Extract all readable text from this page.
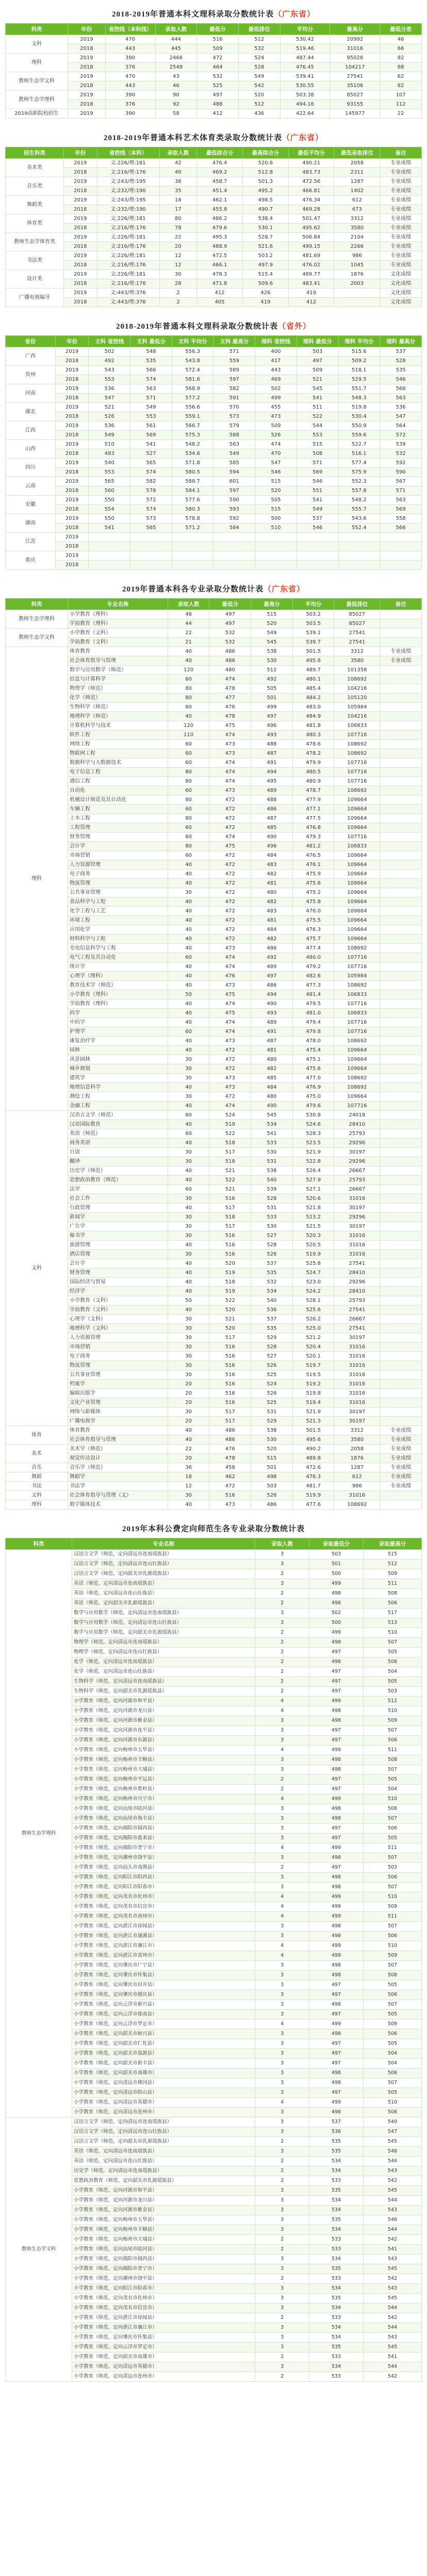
2018-2019年普通本科文理科录取分数统计表（广东省）
科类	年份	省控线（本科线）	录取人数	最低分	最低排位	平均分	最高分	最低分差
文科	2019	470	444	516	512	530.42	20992	46
	2018	443	445	509	532	519.46	31016	66
理科	2019	390	2466	472	524	487.44	95028	82
	2018	376	2548	464	528	476.45	104217	88
教师生态学文科	2019	470	43	532	549	539.41	27541	62
	2018	443	46	525	542	530.55	35106	82
教师生态学理科	2019	390	90	497	520	503.38	85027	107
	2018	376	92	488	512	494.16	93155	112
2019高职院校招生	2019	390	58	412	436	422.64	145977	22
2018-2019年普通本科艺术体育类录取分数统计表（广东省）
招生科类	年份	省控线（本科）	录取人数	最低综合分	最高综合分	最低平均分	最低录取排位	备注
美术类	2019	文:226/理:181	42	476.4	520.6	490.21	2058	专业成绩
	2018	文:216/理:176	40	469.2	512.8	483.73	2311	专业成绩
音乐类	2019	文:243/理:195	36	458.7	501.3	472.56	1287	专业成绩
	2018	文:232/理:190	35	451.4	495.2	466.81	1402	专业成绩
舞蹈类	2019	文:243/理:195	18	462.1	498.5	476.34	612	专业成绩
	2018	文:232/理:190	17	455.8	490.7	469.28	673	专业成绩
体育类	2019	文:226/理:181	80	486.2	538.4	501.47	3312	专业成绩
	2018	文:216/理:176	78	479.6	530.1	495.62	3580	专业成绩
教师生态学体育类	2019	文:226/理:181	22	495.3	528.7	506.84	2104	专业成绩
	2018	文:216/理:176	20	488.9	521.6	499.15	2266	专业成绩
书法类	2019	文:226/理:181	12	472.5	503.2	481.69	986	专业成绩
	2018	文:216/理:176	12	466.1	497.9	476.02	1045	专业成绩
设计类	2019	文:226/理:181	30	478.3	515.4	489.77	1876	文化成绩
	2018	文:216/理:176	28	471.8	509.6	483.41	2003	文化成绩
广播电视编导	2019	文:443/理:376	2	412	426	419		文化成绩
	2018	文:443/理:376	2	405	419	412		文化成绩
2018-2019年普通本科文理科录取分数统计表（省外）
省份	年份	文科 省控线	文科 最低分	文科 平均分	文科 最高分	理科 省控线	理科 最低分	理科 平均分	理科 最高分
广西	2019	502	548	556.3	571	400	503	515.6	537
	2018	492	535	543.8	559	417	497	509.2	528
贵州	2019	543	566	572.4	589	443	509	518.1	535
	2018	553	574	581.6	597	469	521	529.5	546
河南	2019	536	563	568.9	582	502	545	551.7	566
	2018	547	571	577.2	591	499	541	548.3	563
湖北	2019	521	549	556.6	570	455	511	519.8	536
	2018	526	553	559.1	573	473	522	530.4	547
江西	2019	536	561	566.7	579	509	544	550.9	564
	2018	549	569	575.3	588	526	553	559.6	572
山西	2019	510	541	548.2	563	474	515	522.7	539
	2018	493	527	534.6	549	470	508	516.1	532
四川	2019	540	565	571.8	585	547	571	577.4	592
	2018	553	574	580.5	594	546	569	575.9	590
云南	2019	565	582	588.7	601	515	546	552.3	567
	2018	560	578	584.1	597	520	551	557.8	571
安徽	2019	550	572	577.6	590	505	541	548.2	563
	2018	554	574	580.3	593	515	549	555.7	569
湖南	2019	550	573	578.8	592	500	537	543.6	558
	2018	541	565	571.2	584	510	546	552.4	566
江苏	2019								
	2018								
重庆	2019								
	2018								
2019年普通本科各专业录取分数统计表（广东省）
科类	专业名称	录取人数	最低分	最高分	平均分	最低排位	备注
教师生态学理科	小学教育（理科）	46	497	515	503.2	85027	
	学前教育（理科）	44	497	520	503.5	85027	
教师生态学文科	小学教育（文科）	22	532	549	539.1	27541	
	学前教育（文科）	21	532	545	539.7	27541	
理科	体育教育	40	486	538	501.5	3312	专业成绩
	社会体育指导与管理	40	486	530	495.6	3580	专业成绩
	数学与应用数学（师范）	120	480	512	489.7	101358	
	信息与计算科学	60	474	492	480.1	108692	
	物理学（师范）	80	478	505	485.4	104216	
	化学（师范）	80	477	501	484.2	105120	
	生物科学（师范）	60	476	499	483.0	105984	
	地理科学（师范）	40	478	497	484.9	104216	
	计算机科学与技术	120	475	496	481.8	106833	
	软件工程	110	474	493	480.3	107716	
	网络工程	60	473	488	478.6	108692	
	物联网工程	60	473	487	478.2	108692	
	数据科学与大数据技术	60	474	491	479.9	107716	
	电子信息工程	80	474	494	480.5	107716	
	通信工程	80	474	495	480.9	107716	
	自动化	60	473	489	478.7	108692	
	机械设计制造及其自动化	80	472	488	477.9	109664	
	车辆工程	60	472	486	477.1	109664	
	土木工程	80	472	487	477.5	109664	
	工程管理	60	472	485	476.8	109664	
	财务管理	60	474	490	479.3	107716	
	会计学	80	475	496	481.2	106833	
	市场营销	60	472	484	476.5	109664	
	人力资源管理	40	472	483	476.1	109664	
	电子商务	40	472	482	475.9	109664	
	物流管理	40	472	481	475.6	109664	
	公共事业管理	30	472	480	475.2	109664	
	食品科学与工程	40	472	482	475.8	109664	
	化学工程与工艺	40	472	483	476.0	109664	
	环境工程	40	472	481	475.5	109664	
	应用化学	40	472	484	476.3	109664	
	材料科学与工程	40	472	482	475.7	109664	
	光电信息科学与工程	40	473	486	477.4	108692	
	电气工程及其自动化	60	474	492	480.0	107716	
	统计学	40	474	489	479.2	107716	
	心理学（理科）	40	476	497	482.6	105984	
	教育技术学（师范）	40	473	486	477.3	108692	
	小学教育（理科）	50	475	494	481.4	106833	
	学前教育（理科）	40	474	490	479.5	107716	
	药学	40	475	493	481.0	106833	
	中药学	40	474	489	479.4	107716	
	护理学	60	474	491	479.8	107716	
	康复治疗学	40	473	487	478.0	108692	
	园林	40	472	481	475.4	109664	
	风景园林	30	472	480	475.1	109664	
	城乡规划	30	472	482	475.6	109664	
	建筑学	30	473	485	477.0	108692	
	地理信息科学	40	473	484	476.9	108692	
	测绘工程	30	472	480	475.0	109664	
	金融工程	40	474	490	479.6	107716	
文科	汉语言文学（师范）	60	524	545	530.8	24018	
	汉语国际教育	40	519	534	524.6	28410	
	英语（师范）	60	522	541	528.3	25793	
	商务英语	40	518	533	523.5	29296	
	日语	30	517	530	521.9	30197	
	翻译	30	518	531	522.8	29296	
	历史学（师范）	40	521	538	526.4	26667	
	思想政治教育（师范）	40	522	540	527.9	25793	
	法学	60	521	539	527.1	26667	
	社会工作	30	516	528	520.6	31016	
	行政管理	40	517	531	521.8	30197	
	新闻学	30	518	533	523.2	29296	
	广告学	30	517	530	521.5	30197	
	秘书学	30	516	527	520.3	31016	
	旅游管理	40	516	528	520.5	31016	
	酒店管理	30	516	526	519.9	31016	
	会计学	40	520	537	525.8	27541	
	财务管理	40	519	535	524.7	28410	
	国际经济与贸易	40	518	532	523.0	29296	
	经济学	40	519	534	524.2	28410	
	小学教育（文科）	50	522	540	528.1	25793	
	学前教育（文科）	40	520	536	525.6	27541	
	心理学（文科）	30	521	537	526.2	26667	
	地理科学（文科）	30	520	535	525.0	27541	
	人力资源管理	30	517	529	521.2	30197	
	市场营销	30	516	528	520.4	31016	
	电子商务	30	516	527	520.1	31016	
	物流管理	30	516	526	519.7	31016	
	公共事业管理	30	516	525	519.5	31016	
	档案学	20	516	524	519.2	31016	
	编辑出版学	20	516	526	519.8	31016	
	文化产业管理	20	516	525	519.4	31016	
	网络与新媒体	30	517	531	521.9	30197	
	广播电视学	20	517	529	521.3	30197	
体育	体育教育	40	486	538	501.5	3312	专业成绩
	社会体育指导与管理	40	486	530	495.6	3580	专业成绩
美术	美术学（师范）	22	476	520	490.2	2058	专业成绩
	视觉传达设计	20	478	515	489.8	1876	专业成绩
音乐	音乐学（师范）	36	458	501	472.6	1287	专业成绩
舞蹈	舞蹈学	18	462	498	476.3	612	专业成绩
书法	书法学	12	472	503	481.7	986	专业成绩
文科	社会体育指导与管理（文）	30	516	526	519.9	31016	
理科	数字媒体技术	40	473	486	477.6	108692	
2019年本科公费定向师范生各专业录取分数统计表
科类	专业名称	录取人数	录取最低分	录取最高分
教师生态学理科	汉语言文学（师范，定向清远市连南瑶族县）	3	503	515
	汉语言文学（师范，定向清远市连山壮族县）	3	501	512
	汉语言文学（师范，定向韶关市乳源瑶族县）	2	500	509
	英语（师范，定向清远市连南瑶族县）	3	499	511
	英语（师范，定向清远市连山壮族县）	2	498	508
	英语（师范，定向韶关市乳源瑶族县）	2	498	506
	数学与应用数学（师范，定向清远市连南瑶族县）	3	502	517
	数学与应用数学（师范，定向清远市连山壮族县）	3	500	513
	数学与应用数学（师范，定向韶关市乳源瑶族县）	2	499	510
	物理学（师范，定向清远市连南瑶族县）	2	498	507
	物理学（师范，定向清远市连山壮族县）	2	497	505
	化学（师范，定向清远市连南瑶族县）	2	498	506
	化学（师范，定向清远市连山壮族县）	2	497	504
	生物科学（师范，定向清远市连南瑶族县）	2	497	505
	生物科学（师范，定向韶关市乳源瑶族县）	2	497	503
	小学教育（师范，定向河源市和平县）	4	499	512
	小学教育（师范，定向河源市龙川县）	4	498	510
	小学教育（师范，定向河源市紫金县）	3	498	509
	小学教育（师范，定向河源市连平县）	3	497	507
	小学教育（师范，定向河源市东源县）	3	497	506
	小学教育（师范，定向梅州市五华县）	4	499	511
	小学教育（师范，定向梅州市丰顺县）	3	498	508
	小学教育（师范，定向梅州市大埔县）	3	498	507
	小学教育（师范，定向梅州市平远县）	2	497	505
	小学教育（师范，定向梅州市蕉岭县）	2	497	504
	小学教育（师范，定向梅州市兴宁市）	4	499	510
	小学教育（师范，定向汕尾市陆河县）	3	498	508
	小学教育（师范，定向汕尾市海丰县）	3	498	507
	小学教育（师范，定向揭阳市揭西县）	3	497	506
	小学教育（师范，定向揭阳市惠来县）	3	497	505
	小学教育（师范，定向揭阳市普宁市）	4	499	511
	小学教育（师范，定向潮州市饶平县）	3	498	507
	小学教育（师范，定向汕头市南澳县）	2	497	503
	小学教育（师范，定向阳江市阳西县）	3	498	506
	小学教育（师范，定向阳江市阳春市）	3	498	507
	小学教育（师范，定向茂名市化州市）	4	499	510
	小学教育（师范，定向茂名市信宜市）	4	499	509
	小学教育（师范，定向茂名市高州市）	4	499	511
	小学教育（师范，定向湛江市徐闻县）	3	498	507
	小学教育（师范，定向湛江市遂溪县）	3	498	506
	小学教育（师范，定向湛江市廉江市）	4	499	510
	小学教育（师范，定向湛江市雷州市）	4	499	509
	小学教育（师范，定向肇庆市广宁县）	3	498	507
	小学教育（师范，定向肇庆市怀集县）	3	498	508
	小学教育（师范，定向肇庆市封开县）	3	497	505
	小学教育（师范，定向肇庆市德庆县）	3	497	506
	小学教育（师范，定向云浮市新兴县）	3	498	507
	小学教育（师范，定向云浮市郁南县）	3	497	505
	小学教育（师范，定向云浮市罗定市）	4	499	509
	小学教育（师范，定向韶关市始兴县）	3	498	506
	小学教育（师范，定向韶关市仁化县）	3	497	505
	小学教育（师范，定向韶关市翁源县）	3	497	504
	小学教育（师范，定向韶关市新丰县）	3	497	504
	小学教育（师范，定向韶关市南雄市）	3	498	506
	小学教育（师范，定向清远市佛冈县）	3	498	507
	小学教育（师范，定向清远市阳山县）	3	497	505
	小学教育（师范，定向清远市英德市）	4	499	510
	小学教育（师范，定向清远市连州市）	3	498	506
教师生态学文科	汉语言文学（师范，定向清远市连南瑶族县）	3	537	549
	汉语言文学（师范，定向清远市连山壮族县）	3	536	547
	汉语言文学（师范，定向韶关市乳源瑶族县）	2	535	545
	英语（师范，定向清远市连南瑶族县）	3	535	546
	英语（师范，定向清远市连山壮族县）	2	534	544
	历史学（师范，定向清远市连南瑶族县）	2	534	543
	思想政治教育（师范，定向韶关市乳源瑶族县）	2	533	542
	小学教育（师范，定向河源市和平县）	3	535	545
	小学教育（师范，定向河源市龙川县）	3	534	544
	小学教育（师范，定向河源市紫金县）	3	534	543
	小学教育（师范，定向梅州市五华县）	3	535	546
	小学教育（师范，定向梅州市丰顺县）	3	534	544
	小学教育（师范，定向梅州市大埔县）	2	533	542
	小学教育（师范，定向汕尾市陆河县）	2	533	541
	小学教育（师范，定向揭阳市揭西县）	3	534	543
	小学教育（师范，定向揭阳市普宁市）	3	535	545
	小学教育（师范，定向潮州市饶平县）	2	533	542
	小学教育（师范，定向阳江市阳春市）	3	534	543
	小学教育（师范，定向茂名市化州市）	3	535	545
	小学教育（师范，定向茂名市信宜市）	3	534	544
	小学教育（师范，定向湛江市徐闻县）	2	533	542
	小学教育（师范，定向湛江市廉江市）	3	534	544
	小学教育（师范，定向肇庆市怀集县）	3	534	543
	小学教育（师范，定向云浮市罗定市）	3	535	545
	小学教育（师范，定向韶关市南雄市）	2	533	541
	小学教育（师范，定向清远市英德市）	3	534	544
	小学教育（师范，定向清远市连州市）	2	533	542
